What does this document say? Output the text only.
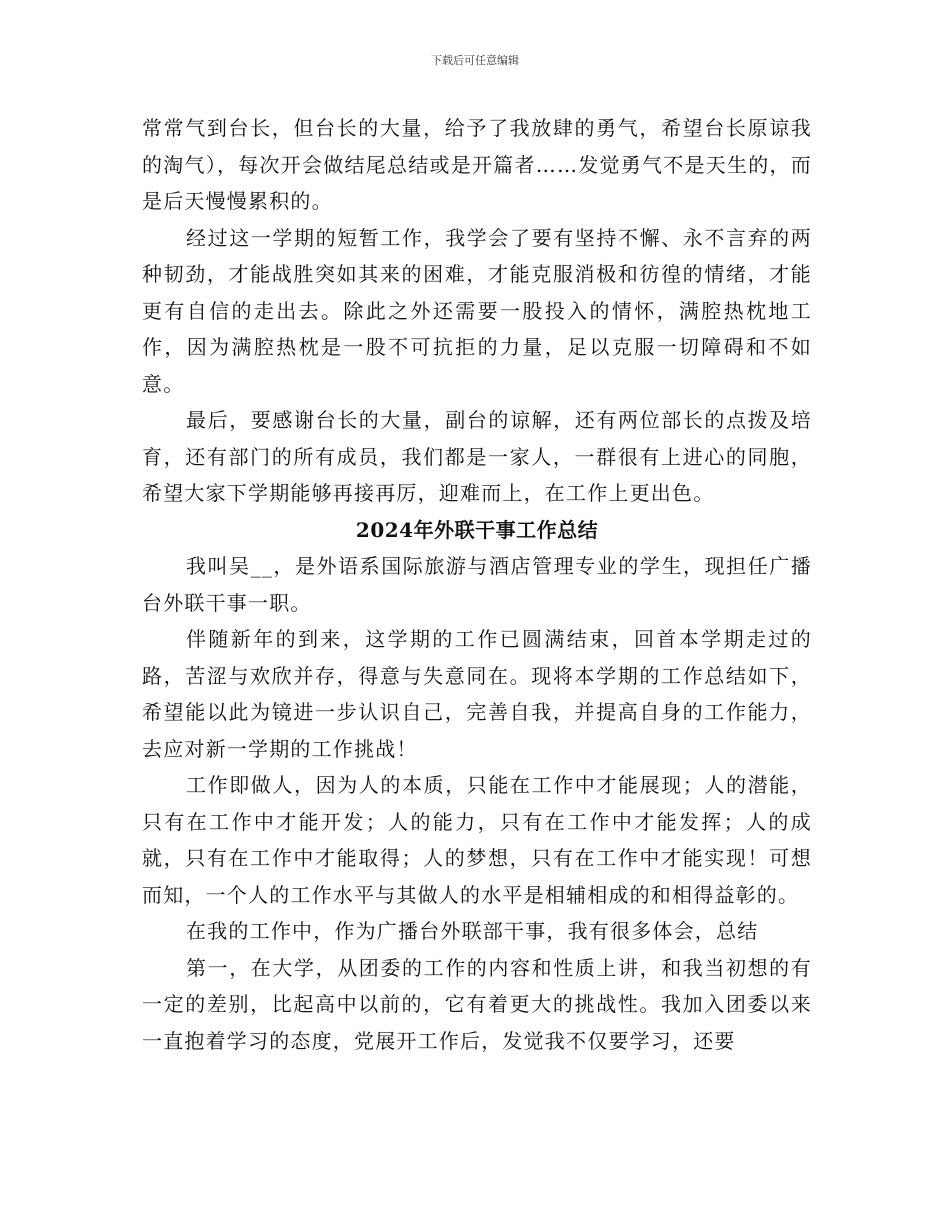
下载后可任意编辑

常常气到台长，但台长的大量，给予了我放肆的勇气，希望台长原谅我的淘气），每次开会做结尾总结或是开篇者……发觉勇气不是天生的，而是后天慢慢累积的。

经过这一学期的短暂工作，我学会了要有坚持不懈、永不言弃的两种韧劲，才能战胜突如其来的困难，才能克服消极和彷徨的情绪，才能更有自信的走出去。除此之外还需要一股投入的情怀，满腔热枕地工作，因为满腔热枕是一股不可抗拒的力量，足以克服一切障碍和不如意。

最后，要感谢台长的大量，副台的谅解，还有两位部长的点拨及培育，还有部门的所有成员，我们都是一家人，一群很有上进心的同胞，希望大家下学期能够再接再厉，迎难而上，在工作上更出色。

2024年外联干事工作总结

我叫吴__，是外语系国际旅游与酒店管理专业的学生，现担任广播台外联干事一职。

伴随新年的到来，这学期的工作已圆满结束，回首本学期走过的路，苦涩与欢欣并存，得意与失意同在。现将本学期的工作总结如下，希望能以此为镜进一步认识自己，完善自我，并提高自身的工作能力，去应对新一学期的工作挑战！

工作即做人，因为人的本质，只能在工作中才能展现；人的潜能，只有在工作中才能开发；人的能力，只有在工作中才能发挥；人的成就，只有在工作中才能取得；人的梦想，只有在工作中才能实现！可想而知，一个人的工作水平与其做人的水平是相辅相成的和相得益彰的。

在我的工作中，作为广播台外联部干事，我有很多体会，总结

第一，在大学，从团委的工作的内容和性质上讲，和我当初想的有一定的差别，比起高中以前的，它有着更大的挑战性。我加入团委以来一直抱着学习的态度，党展开工作后，发觉我不仅要学习，还要
